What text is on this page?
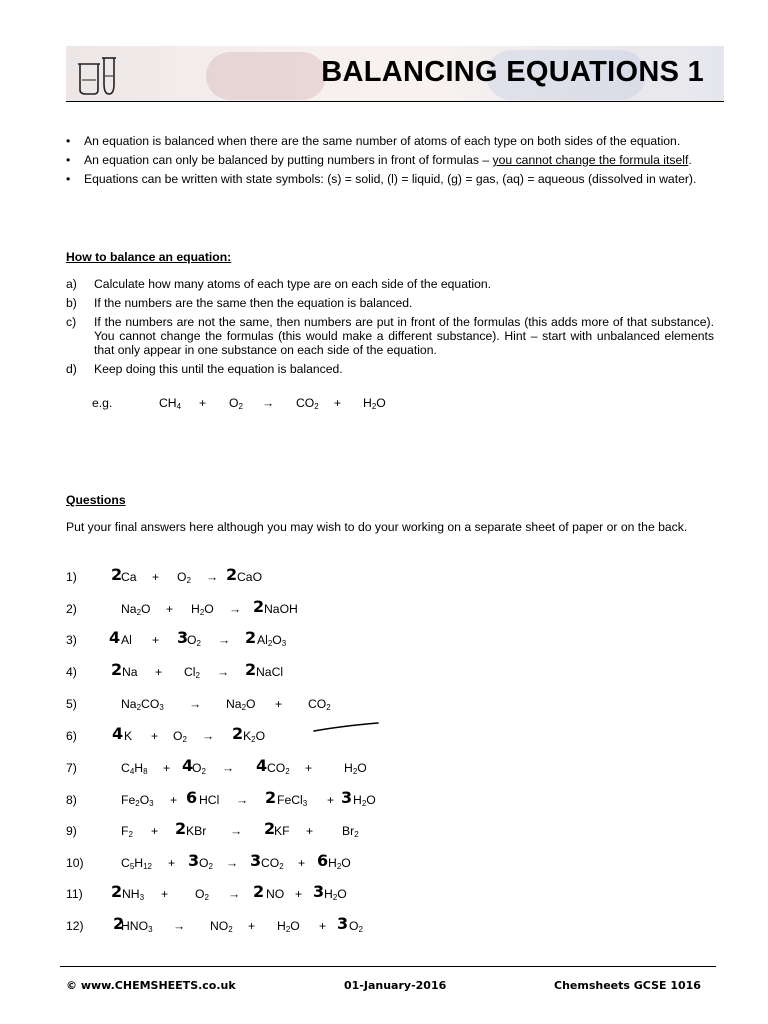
BALANCING EQUATIONS 1
• An equation is balanced when there are the same number of atoms of each type on both sides of the equation.
• An equation can only be balanced by putting numbers in front of formulas – you cannot change the formula itself.
• Equations can be written with state symbols: (s) = solid, (l) = liquid, (g) = gas, (aq) = aqueous (dissolved in water).
How to balance an equation:
a) Calculate how many atoms of each type are on each side of the equation.
b) If the numbers are the same then the equation is balanced.
c) If the numbers are not the same, then numbers are put in front of the formulas (this adds more of that substance). You cannot change the formulas (this would make a different substance). Hint – start with unbalanced elements that only appear in one substance on each side of the equation.
d) Keep doing this until the equation is balanced.
e.g.	$CH_4 + O_2 \to CO_2 + H_2O$
Questions
Put your final answers here although you may wish to do your working on a separate sheet of paper or on the back.
1) 2
$Ca + O_2 \to 2$ CaO
2)	$Na_2O + H_2O \to 2$ NaOH
3) 4 Al + 3
$O_2 \to 2$ $Al_2O_3$
4) 2 $Na + Cl_2 \to 2$ NaCl
5)	$Na_2CO_3 \to Na_2O + CO_2$
6) 4 $K + O_2 \to 2$ $K_2O$
7)	$C_4H_8 + 4$
$O_2 \to 4$ $CO_2$ +	$H_2O$
8)	$Fe_2O_3 + 6$ HCl → 2 FeCl$_3$ + 3 $H_2O$
9)	$F_2 + 2$ KBr → 2
KF + $Br_2$
10)	$C_5H_{12} + 3$ $O_2 \to 3$ $CO_2 + 6$ $H_2O$
11) 2 $NH_3 + O_2 \to 2$ NO + 3 $H_2O$
12) 2
$HNO_3 \to NO_2 + H_2O + 3$ $O_2$
© www.CHEMSHEETS.co.uk	01-January-2016	Chemsheets GCSE 1016
